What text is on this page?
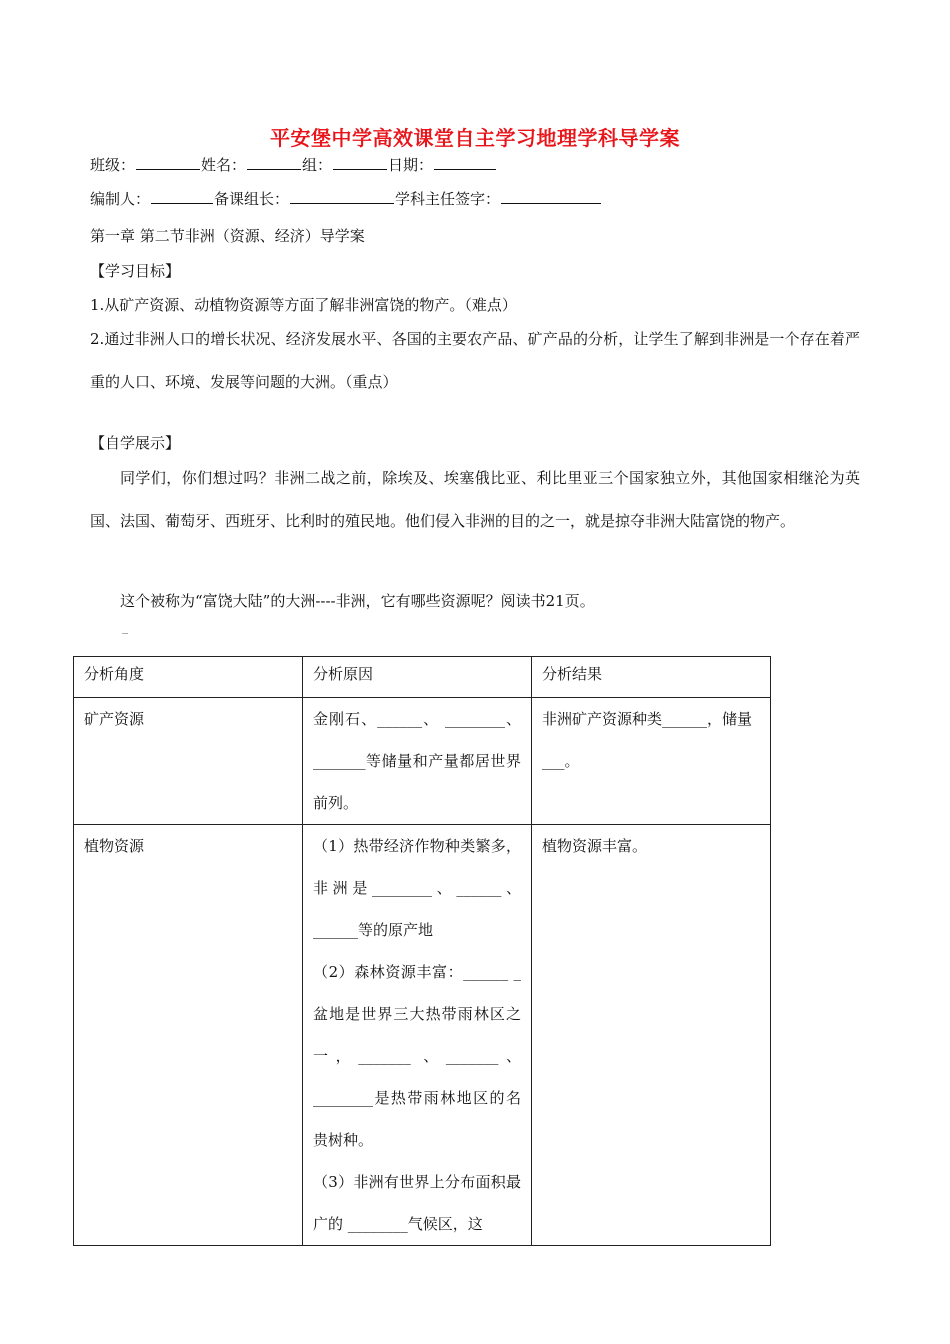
平安堡中学高效课堂自主学习地理学科导学案
班级：	姓名：	组：	日期：
编制人：	备课组长：	学科主任签字：
第一章 第二节非洲（资源、经济）导学案
【学习目标】
1.从矿产资源、动植物资源等方面了解非洲富饶的物产。（难点）
2.通过非洲人口的增长状况、经济发展水平、各国的主要农产品、矿产品的分析，让学生了解到非洲是一个存在着严重的人口、环境、发展等问题的大洲。（重点）
【自学展示】
同学们，你们想过吗？非洲二战之前，除埃及、埃塞俄比亚、利比里亚三个国家独立外，其他国家相继沦为英国、法国、葡萄牙、西班牙、比利时的殖民地。他们侵入非洲的目的之一，就是掠夺非洲大陆富饶的物产。
这个被称为“富饶大陆”的大洲----非洲，它有哪些资源呢？阅读书21页。
_
分析角度	分析原因	分析结果
矿产资源	金刚石、______、 ________、 _______等储量和产量都居世界前列。	非洲矿产资源种类______，储量___。
植物资源	（1）热带经济作物种类繁多，非洲是________、______、______等的原产地

（2）森林资源丰富：______ _ 盆地是世界三大热带雨林区之一，_______ 、_______、________是热带雨林地区的名贵树种。

（3）非洲有世界上分布面积最广的 ________气候区，这	植物资源丰富。
